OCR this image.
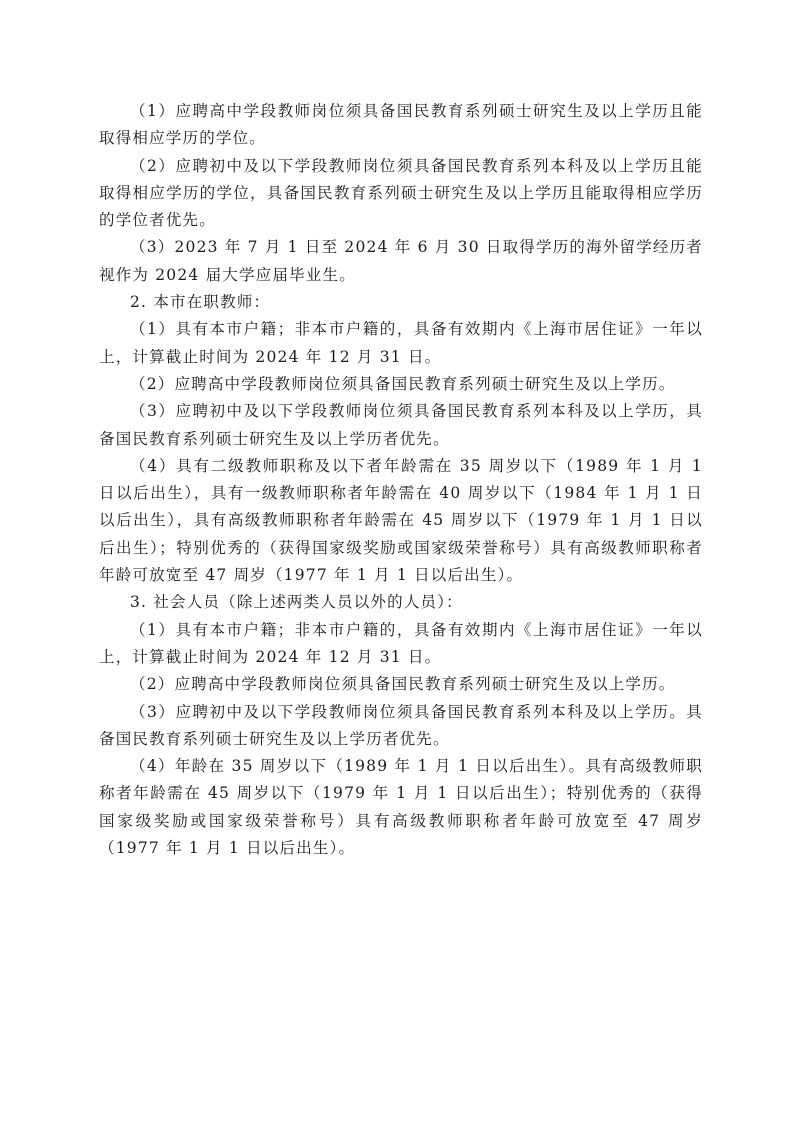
（1）应聘高中学段教师岗位须具备国民教育系列硕士研究生及以上学历且能取得相应学历的学位。

（2）应聘初中及以下学段教师岗位须具备国民教育系列本科及以上学历且能取得相应学历的学位，具备国民教育系列硕士研究生及以上学历且能取得相应学历的学位者优先。

（3）2023 年 7 月 1 日至 2024 年 6 月 30 日取得学历的海外留学经历者视作为 2024 届大学应届毕业生。

2. 本市在职教师：

（1）具有本市户籍；非本市户籍的，具备有效期内《上海市居住证》一年以上，计算截止时间为 2024 年 12 月 31 日。

（2）应聘高中学段教师岗位须具备国民教育系列硕士研究生及以上学历。

（3）应聘初中及以下学段教师岗位须具备国民教育系列本科及以上学历，具备国民教育系列硕士研究生及以上学历者优先。

（4）具有二级教师职称及以下者年龄需在 35 周岁以下（1989 年 1 月 1 日以后出生），具有一级教师职称者年龄需在 40 周岁以下（1984 年 1 月 1 日以后出生），具有高级教师职称者年龄需在 45 周岁以下（1979 年 1 月 1 日以后出生）；特别优秀的（获得国家级奖励或国家级荣誉称号）具有高级教师职称者年龄可放宽至 47 周岁（1977 年 1 月 1 日以后出生）。

3. 社会人员（除上述两类人员以外的人员）：

（1）具有本市户籍；非本市户籍的，具备有效期内《上海市居住证》一年以上，计算截止时间为 2024 年 12 月 31 日。

（2）应聘高中学段教师岗位须具备国民教育系列硕士研究生及以上学历。

（3）应聘初中及以下学段教师岗位须具备国民教育系列本科及以上学历。具备国民教育系列硕士研究生及以上学历者优先。

（4）年龄在 35 周岁以下（1989 年 1 月 1 日以后出生）。具有高级教师职称者年龄需在 45 周岁以下（1979 年 1 月 1 日以后出生）；特别优秀的（获得国家级奖励或国家级荣誉称号）具有高级教师职称者年龄可放宽至 47 周岁（1977 年 1 月 1 日以后出生）。
